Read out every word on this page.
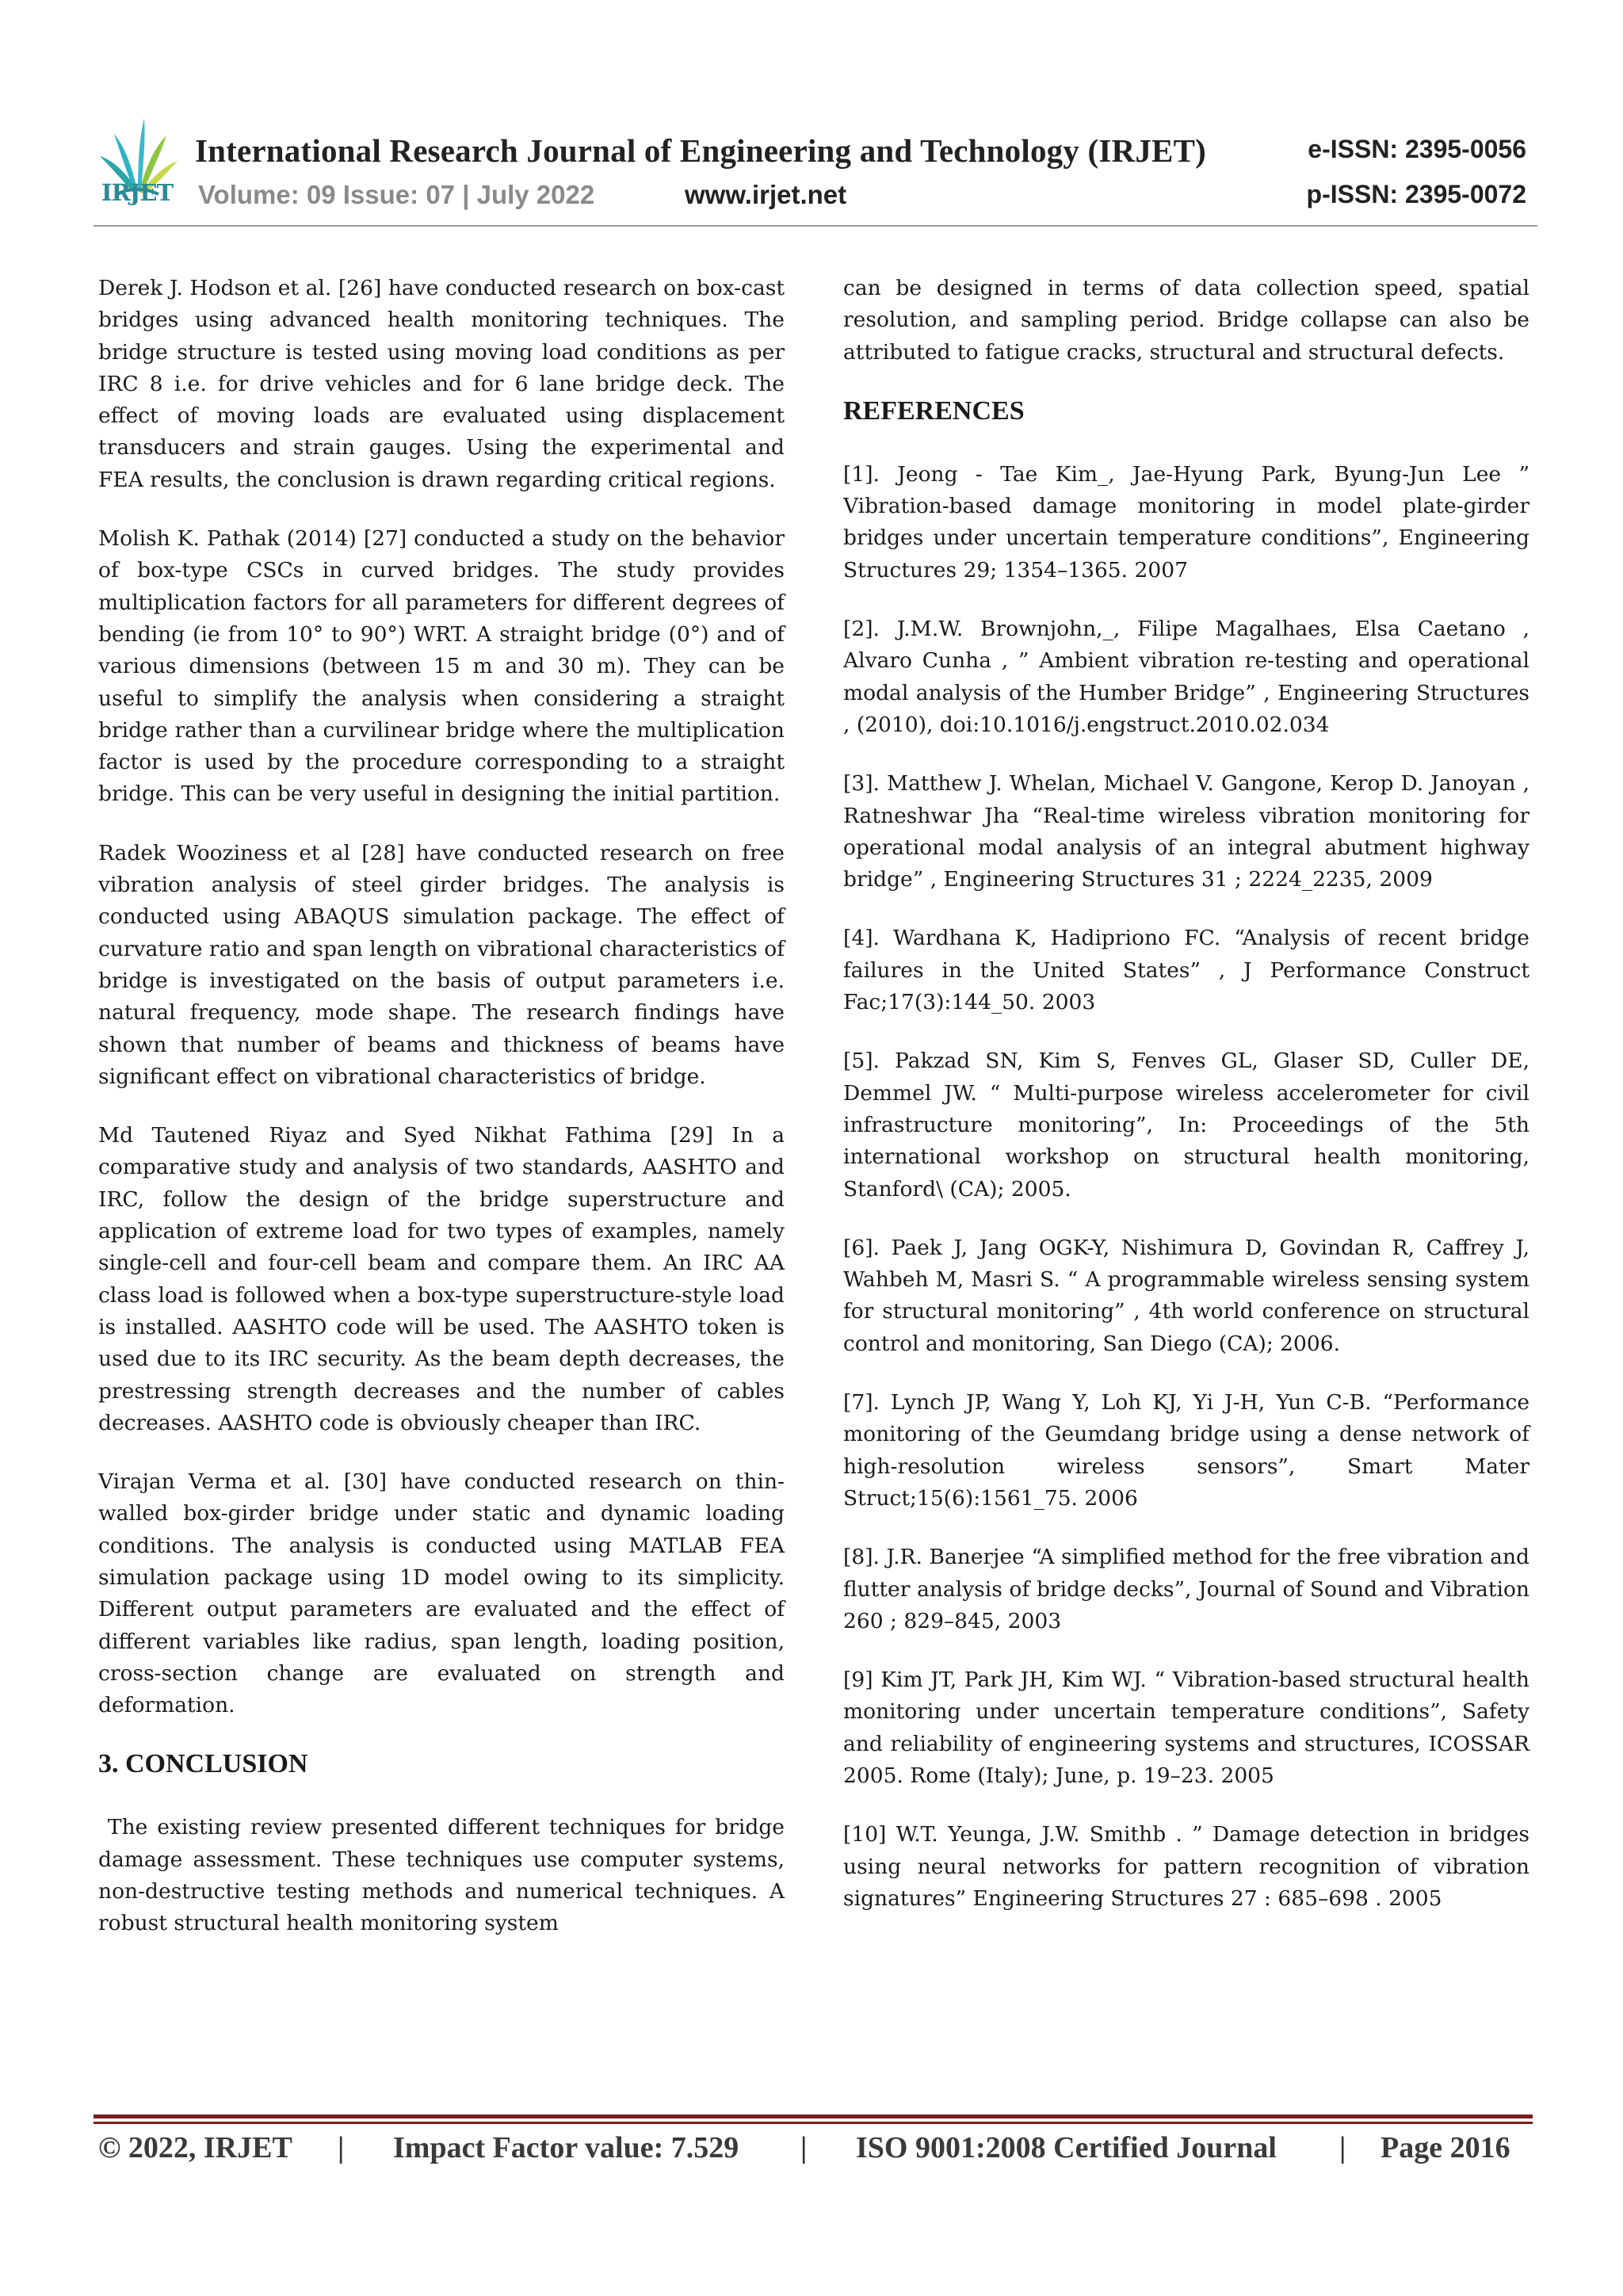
IRJET
International Research Journal of Engineering and Technology (IRJET)	e-ISSN: 2395-0056
Volume: 09 Issue: 07 | July 2022	www.irjet.net	p-ISSN: 2395-0072

Derek J. Hodson et al. [26] have conducted research on box-cast bridges using advanced health monitoring techniques. The bridge structure is tested using moving load conditions as per IRC 8 i.e. for drive vehicles and for 6 lane bridge deck. The effect of moving loads are evaluated using displacement transducers and strain gauges. Using the experimental and FEA results, the conclusion is drawn regarding critical regions.

Molish K. Pathak (2014) [27] conducted a study on the behavior of box-type CSCs in curved bridges. The study provides multiplication factors for all parameters for different degrees of bending (ie from 10° to 90°) WRT. A straight bridge (0°) and of various dimensions (between 15 m and 30 m). They can be useful to simplify the analysis when considering a straight bridge rather than a curvilinear bridge where the multiplication factor is used by the procedure corresponding to a straight bridge. This can be very useful in designing the initial partition.

Radek Wooziness et al [28] have conducted research on free vibration analysis of steel girder bridges. The analysis is conducted using ABAQUS simulation package. The effect of curvature ratio and span length on vibrational characteristics of bridge is investigated on the basis of output parameters i.e. natural frequency, mode shape. The research findings have shown that number of beams and thickness of beams have significant effect on vibrational characteristics of bridge.

Md Tautened Riyaz and Syed Nikhat Fathima [29] In a comparative study and analysis of two standards, AASHTO and IRC, follow the design of the bridge superstructure and application of extreme load for two types of examples, namely single-cell and four-cell beam and compare them. An IRC AA class load is followed when a box-type superstructure-style load is installed. AASHTO code will be used. The AASHTO token is used due to its IRC security. As the beam depth decreases, the prestressing strength decreases and the number of cables decreases. AASHTO code is obviously cheaper than IRC.

Virajan Verma et al. [30] have conducted research on thin-walled box-girder bridge under static and dynamic loading conditions. The analysis is conducted using MATLAB FEA simulation package using 1D model owing to its simplicity. Different output parameters are evaluated and the effect of different variables like radius, span length, loading position, cross-section change are evaluated on strength and deformation.

3. CONCLUSION

The existing review presented different techniques for bridge damage assessment. These techniques use computer systems, non-destructive testing methods and numerical techniques. A robust structural health monitoring system

can be designed in terms of data collection speed, spatial resolution, and sampling period. Bridge collapse can also be attributed to fatigue cracks, structural and structural defects.

REFERENCES

[1]. Jeong - Tae Kim_, Jae-Hyung Park, Byung-Jun Lee ” Vibration-based damage monitoring in model plate-girder bridges under uncertain temperature conditions”, Engineering Structures 29; 1354–1365. 2007

[2]. J.M.W. Brownjohn,_, Filipe Magalhaes, Elsa Caetano , Alvaro Cunha , ” Ambient vibration re-testing and operational modal analysis of the Humber Bridge” , Engineering Structures , (2010), doi:10.1016/j.engstruct.2010.02.034

[3]. Matthew J. Whelan, Michael V. Gangone, Kerop D. Janoyan , Ratneshwar Jha “Real-time wireless vibration monitoring for operational modal analysis of an integral abutment highway bridge” , Engineering Structures 31 ; 2224_2235, 2009

[4]. Wardhana K, Hadipriono FC. “Analysis of recent bridge failures in the United States” , J Performance Construct Fac;17(3):144_50. 2003

[5]. Pakzad SN, Kim S, Fenves GL, Glaser SD, Culler DE, Demmel JW. “ Multi-purpose wireless accelerometer for civil infrastructure monitoring”, In: Proceedings of the 5th international workshop on structural health monitoring, Stanford\ (CA); 2005.

[6]. Paek J, Jang OGK-Y, Nishimura D, Govindan R, Caffrey J, Wahbeh M, Masri S. “ A programmable wireless sensing system for structural monitoring” , 4th world conference on structural control and monitoring, San Diego (CA); 2006.

[7]. Lynch JP, Wang Y, Loh KJ, Yi J-H, Yun C-B. “Performance monitoring of the Geumdang bridge using a dense network of high-resolution wireless sensors”, Smart Mater Struct;15(6):1561_75. 2006

[8]. J.R. Banerjee “A simplified method for the free vibration and flutter analysis of bridge decks”, Journal of Sound and Vibration 260 ; 829–845, 2003

[9] Kim JT, Park JH, Kim WJ. “ Vibration-based structural health monitoring under uncertain temperature conditions”, Safety and reliability of engineering systems and structures, ICOSSAR 2005. Rome (Italy); June, p. 19–23. 2005

[10] W.T. Yeunga, J.W. Smithb . ” Damage detection in bridges using neural networks for pattern recognition of vibration signatures” Engineering Structures 27 : 685–698 . 2005

© 2022, IRJET | Impact Factor value: 7.529 | ISO 9001:2008 Certified Journal | Page 2016
